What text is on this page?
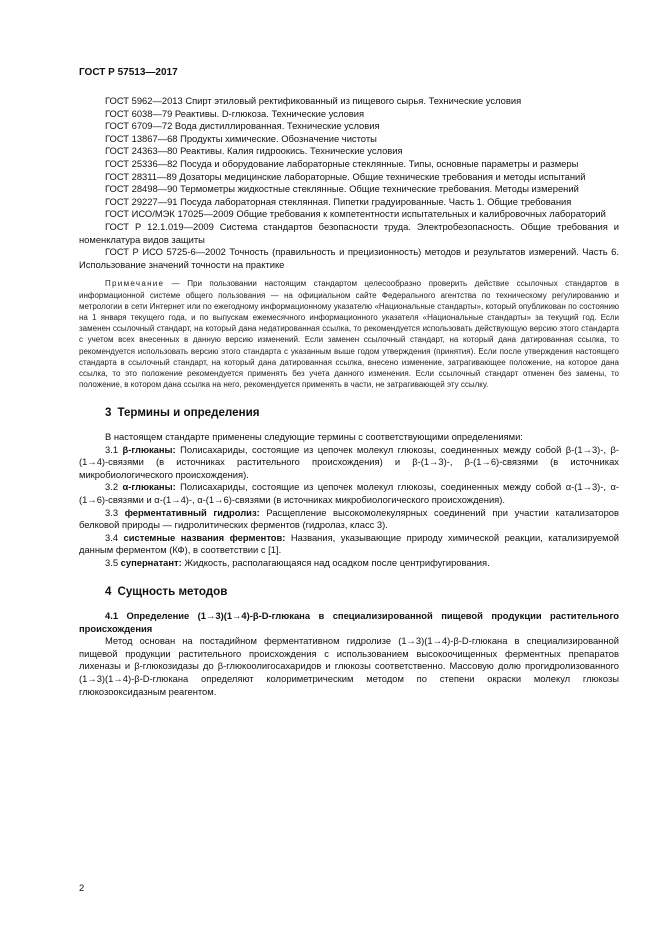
ГОСТ Р 57513—2017

ГОСТ 5962—2013 Спирт этиловый ректификованный из пищевого сырья. Технические условия

ГОСТ 6038—79 Реактивы. D-глюкоза. Технические условия

ГОСТ 6709—72 Вода дистиллированная. Технические условия

ГОСТ 13867—68 Продукты химические. Обозначение чистоты

ГОСТ 24363—80 Реактивы. Калия гидроокись. Технические условия

ГОСТ 25336—82 Посуда и оборудование лабораторные стеклянные. Типы, основные параметры и размеры

ГОСТ 28311—89 Дозаторы медицинские лабораторные. Общие технические требования и методы испытаний

ГОСТ 28498—90 Термометры жидкостные стеклянные. Общие технические требования. Методы измерений

ГОСТ 29227—91 Посуда лабораторная стеклянная. Пипетки градуированные. Часть 1. Общие требования

ГОСТ ИСО/МЭК 17025—2009 Общие требования к компетентности испытательных и калибровочных лабораторий

ГОСТ Р 12.1.019—2009 Система стандартов безопасности труда. Электробезопасность. Общие требования и номенклатура видов защиты

ГОСТ Р ИСО 5725-6—2002 Точность (правильность и прецизионность) методов и результатов измерений. Часть 6. Использование значений точности на практике

Примечание — При пользовании настоящим стандартом целесообразно проверить действие ссылочных стандартов в информационной системе общего пользования — на официальном сайте Федерального агентства по техническому регулированию и метрологии в сети Интернет или по ежегодному информационному указателю «Национальные стандарты», который опубликован по состоянию на 1 января текущего года, и по выпускам ежемесячного информационного указателя «Национальные стандарты» за текущий год. Если заменен ссылочный стандарт, на который дана недатированная ссылка, то рекомендуется использовать действующую версию этого стандарта с учетом всех внесенных в данную версию изменений. Если заменен ссылочный стандарт, на который дана датированная ссылка, то рекомендуется использовать версию этого стандарта с указанным выше годом утверждения (принятия). Если после утверждения настоящего стандарта в ссылочный стандарт, на который дана датированная ссылка, внесено изменение, затрагивающее положение, на которое дана ссылка, то это положение рекомендуется применять без учета данного изменения. Если ссылочный стандарт отменен без замены, то положение, в котором дана ссылка на него, рекомендуется применять в части, не затрагивающей эту ссылку.

3 Термины и определения

В настоящем стандарте применены следующие термины с соответствующими определениями:

3.1 β-глюканы: Полисахариды, состоящие из цепочек молекул глюкозы, соединенных между собой β-(1→3)-, β-(1→4)-связями (в источниках растительного происхождения) и β-(1→3)-, β-(1→6)-связями (в источниках микробиологического происхождения).

3.2 α-глюканы: Полисахариды, состоящие из цепочек молекул глюкозы, соединенных между собой α-(1→3)-, α-(1→6)-связями и α-(1→4)-, α-(1→6)-связями (в источниках микробиологического происхождения).

3.3 ферментативный гидролиз: Расщепление высокомолекулярных соединений при участии катализаторов белковой природы — гидролитических ферментов (гидролаз, класс 3).

3.4 системные названия ферментов: Названия, указывающие природу химической реакции, катализируемой данным ферментом (КФ), в соответствии с [1].

3.5 супернатант: Жидкость, располагающаяся над осадком после центрифугирования.

4 Сущность методов

4.1 Определение (1→3)(1→4)-β-D-глюкана в специализированной пищевой продукции растительного происхождения

Метод основан на постадийном ферментативном гидролизе (1→3)(1→4)-β-D-глюкана в специализированной пищевой продукции растительного происхождения с использованием высокоочищенных ферментных препаратов лихеназы и β-глюкозидазы до β-глюкоолигосахаридов и глюкозы соответственно. Массовую долю прогидролизованного (1→3)(1→4)-β-D-глюкана определяют колориметрическим методом по степени окраски молекул глюкозы глюкозооксидазным реагентом.

2
